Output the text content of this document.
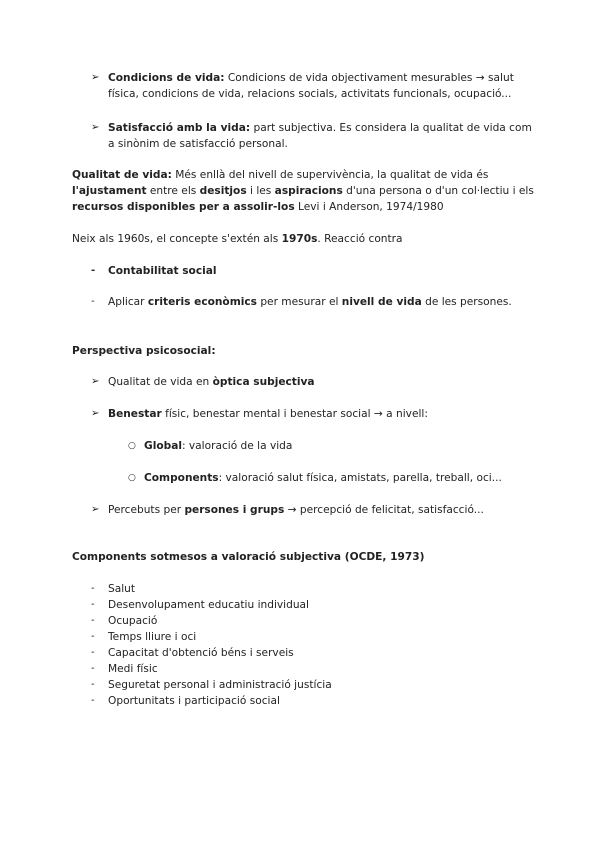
➢ Condicions de vida: Condicions de vida objectivament mesurables → salut física, condicions de vida, relacions socials, activitats funcionals, ocupació...

➢ Satisfacció amb la vida: part subjectiva. Es considera la qualitat de vida com a sinònim de satisfacció personal.

Qualitat de vida: Més enllà del nivell de supervivència, la qualitat de vida és l'ajustament entre els desitjos i les aspiracions d'una persona o d'un col·lectiu i els recursos disponibles per a assolir-los Levi i Anderson, 1974/1980

Neix als 1960s, el concepte s'extén als 1970s. Reacció contra

- Contabilitat social

- Aplicar criteris econòmics per mesurar el nivell de vida de les persones.

Perspectiva psicosocial:

➢ Qualitat de vida en òptica subjectiva

➢ Benestar físic, benestar mental i benestar social → a nivell:

○ Global: valoració de la vida

○ Components: valoració salut física, amistats, parella, treball, oci...

➢ Percebuts per persones i grups → percepció de felicitat, satisfacció...

Components sotmesos a valoració subjectiva (OCDE, 1973)

- Salut
- Desenvolupament educatiu individual
- Ocupació
- Temps lliure i oci
- Capacitat d'obtenció béns i serveis
- Medi físic
- Seguretat personal i administració justícia
- Oportunitats i participació social
